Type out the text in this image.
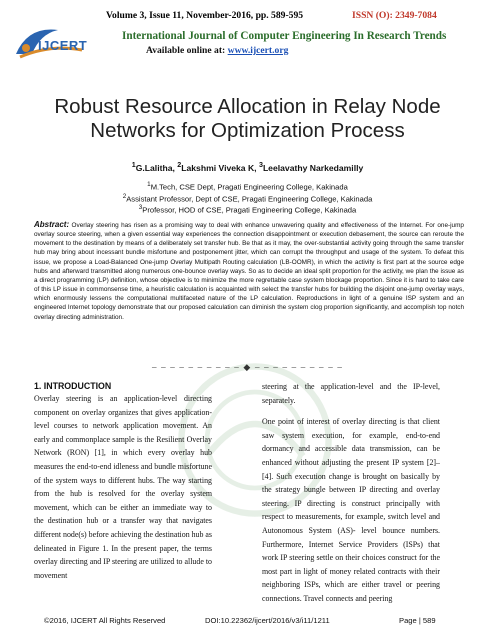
Volume 3, Issue 11, November-2016, pp. 589-595	ISSN (O): 2349-7084
IJCERT
International Journal of Computer Engineering In Research Trends
Available online at: www.ijcert.org
Robust Resource Allocation in Relay Node Networks for Optimization Process
$^1$G.Lalitha, $^2$Lakshmi Viveka K, $^3$Leelavathy Narkedamilly
$^1$M.Tech, CSE Dept, Pragati Engineering College, Kakinada
$^2$Assistant Professor, Dept of CSE, Pragati Engineering College, Kakinada
$^3$Professor, HOD of CSE, Pragati Engineering College, Kakinada
Abstract: Overlay steering has risen as a promising way to deal with enhance unwavering quality and effectiveness of the Internet. For one-jump overlay source steering, when a given essential way experiences the connection disappointment or execution debasement, the source can reroute the movement to the destination by means of a deliberately set transfer hub. Be that as it may, the over-substantial activity going through the same transfer hub may bring about incessant bundle misfortune and postponement jitter, which can corrupt the throughput and usage of the system. To defeat this issue, we propose a Load-Balanced One-jump Overlay Multipath Routing calculation (LB-OOMR), in which the activity is first part at the source edge hubs and afterward transmitted along numerous one-bounce overlay ways. So as to decide an ideal split proportion for the activity, we plan the issue as a direct programming (LP) definition, whose objective is to minimize the more regrettable case system blockage proportion. Since it is hard to take care of this LP issue in commonsense time, a heuristic calculation is acquainted with select the transfer hubs for building the disjoint one-jump overlay ways, which enormously lessens the computational multifaceted nature of the LP calculation. Reproductions in light of a genuine ISP system and an engineered Internet topology demonstrate that our proposed calculation can diminish the system clog proportion significantly, and accomplish top notch overlay directing administration.
– – – – – – – – – – ◆ – – – – – – – – – –

1. INTRODUCTION

Overlay steering is an application-level directing component on overlay organizes that gives application-level courses to network application movement. An early and commonplace sample is the Resilient Overlay Network (RON) [1], in which every overlay hub measures the end-to-end idleness and bundle misfortune of the system ways to different hubs. The way starting from the hub is resolved for the overlay system movement, which can be either an immediate way to the destination hub or a transfer way that navigates different node(s) before achieving the destination hub as delineated in Figure 1. In the present paper, the terms overlay directing and IP steering are utilized to allude to movement

steering at the application-level and the IP-level, separately.

One point of interest of overlay directing is that client saw system execution, for example, end-to-end dormancy and accessible data transmission, can be enhanced without adjusting the present IP system [2]–[4]. Such execution change is brought on basically by the strategy bungle between IP directing and overlay steering. IP directing is construct principally with respect to measurements, for example, switch level and Autonomous System (AS)- level bounce numbers. Furthermore, Internet Service Providers (ISPs) that work IP steering settle on their choices construct for the most part in light of money related contracts with their neighboring ISPs, which are either travel or peering connections. Travel connects and peering

©2016, IJCERT All Rights Reserved	DOI:10.22362/ijcert/2016/v3/i11/1211	Page | 589
